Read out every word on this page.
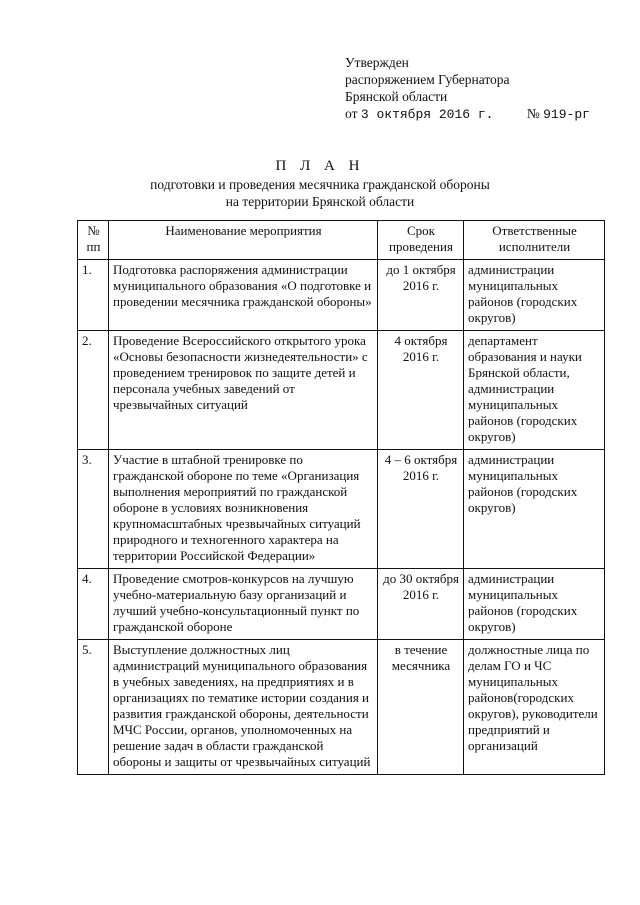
Утвержден
распоряжением Губернатора
Брянской области
от 3 октября 2016 г. № 919-рг
П Л А Н
подготовки и проведения месячника гражданской обороны
на территории Брянской области
№ пп	Наименование мероприятия	Срок проведения	Ответственные исполнители
1.	Подготовка распоряжения администрации муниципального образования «О подготовке и проведении месячника гражданской обороны»	до 1 октября 2016 г.	администрации муниципальных районов (городских округов)
2.	Проведение Всероссийского открытого урока «Основы безопасности жизнедеятельности» с проведением тренировок по защите детей и персонала учебных заведений от чрезвычайных ситуаций	4 октября 2016 г.	департамент образования и науки Брянской области, администрации муниципальных районов (городских округов)
3.	Участие в штабной тренировке по гражданской обороне по теме «Организация выполнения мероприятий по гражданской обороне в условиях возникновения крупномасштабных чрезвычайных ситуаций природного и техногенного характера на территории Российской Федерации»	4 – 6 октября 2016 г.	администрации муниципальных районов (городских округов)
4.	Проведение смотров-конкурсов на лучшую учебно-материальную базу организаций и лучший учебно-консультационный пункт по гражданской обороне	до 30 октября 2016 г.	администрации муниципальных районов (городских округов)
5.	Выступление должностных лиц администраций муниципального образования в учебных заведениях, на предприятиях и в организациях по тематике истории создания и развития гражданской обороны, деятельности МЧС России, органов, уполномоченных на решение задач в области гражданской обороны и защиты от чрезвычайных ситуаций	в течение месячника	должностные лица по делам ГО и ЧС муниципальных районов(городских округов), руководители предприятий и организаций
